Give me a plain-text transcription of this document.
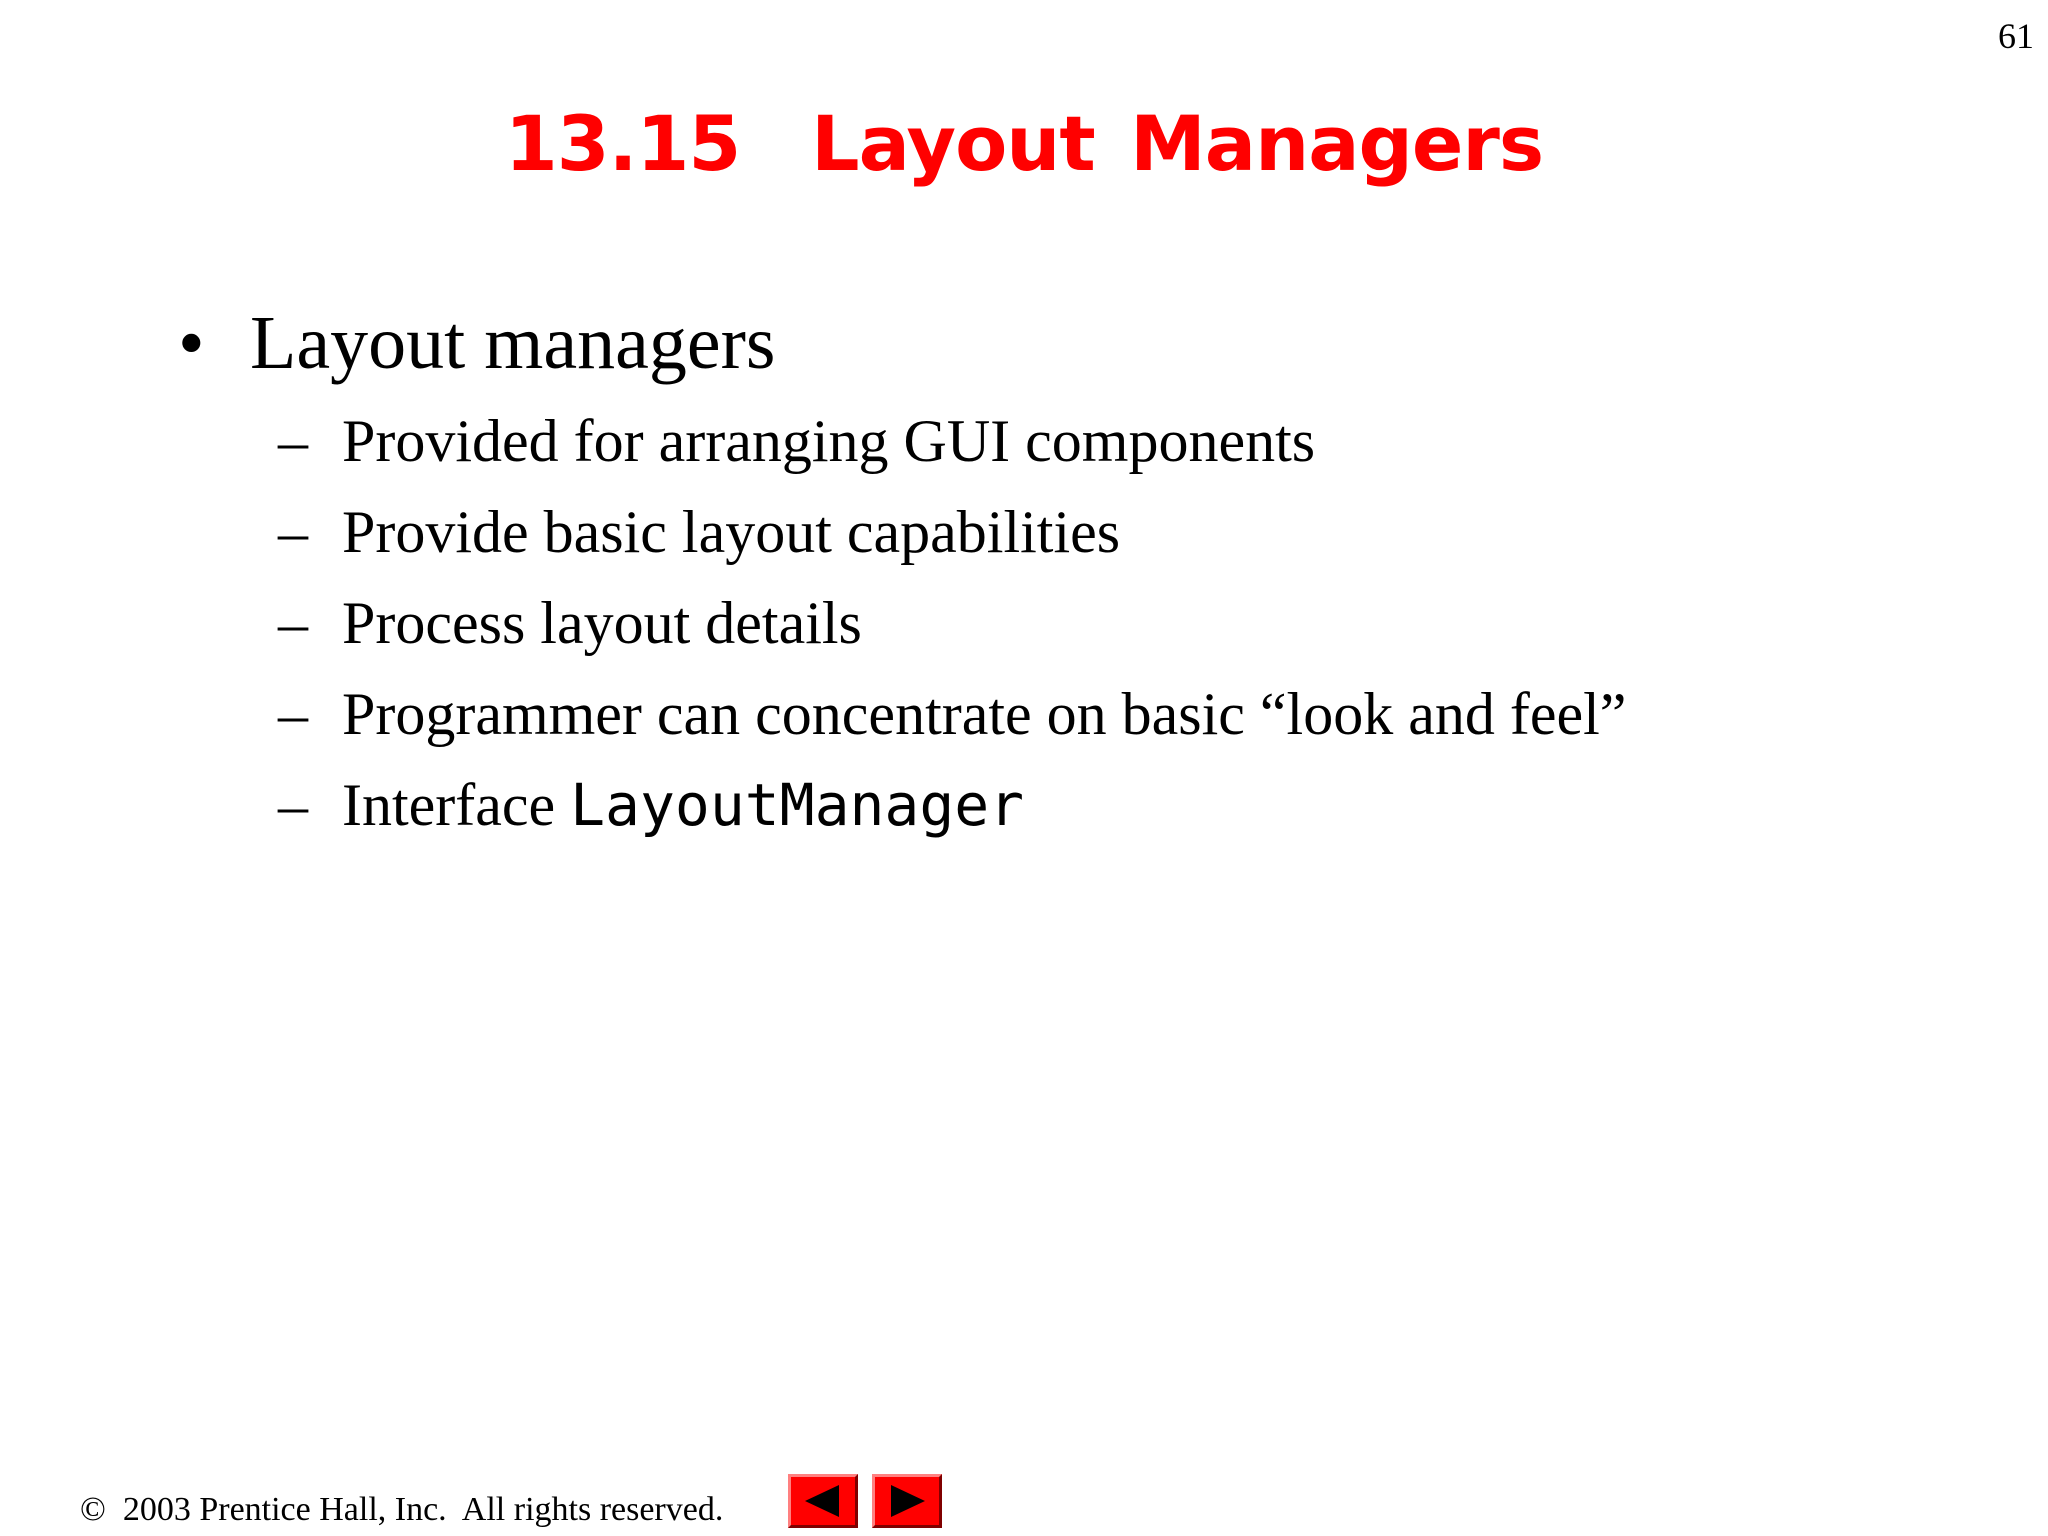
61
13.15  Layout Managers
• Layout managers
– Provided for arranging GUI components
– Provide basic layout capabilities
– Process layout details
– Programmer can concentrate on basic “look and feel”
– Interface LayoutManager
©  2003 Prentice Hall, Inc.  All rights reserved.
